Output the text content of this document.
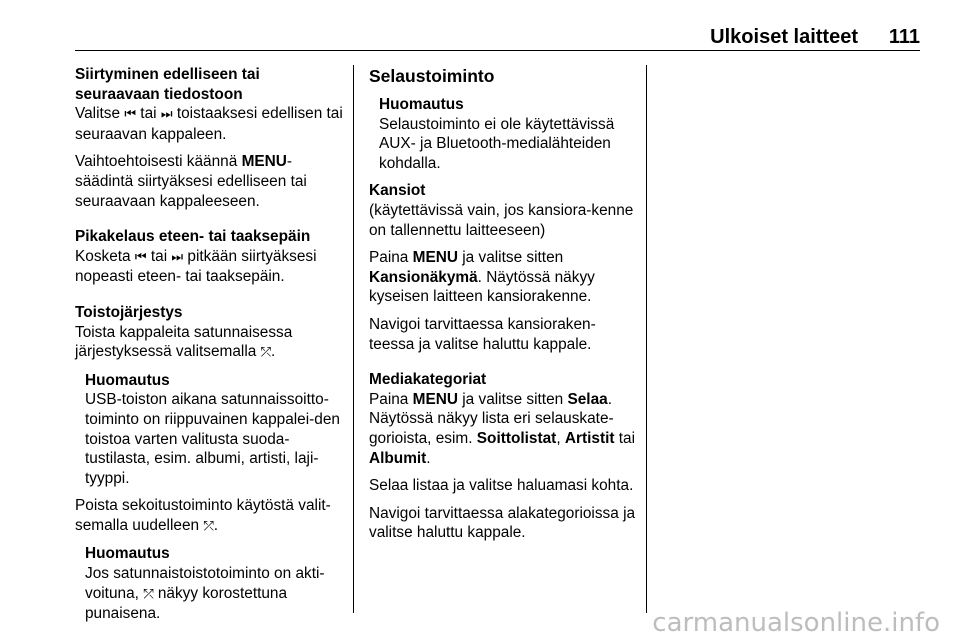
Ulkoiset laitteet 111
Siirtyminen edelliseen tai seuraavaan tiedostoon

Valitse ⏮ tai ⏭ toistaaksesi edellisen tai seuraavan kappaleen.

Vaihtoehtoisesti käännä MENU-säädintä siirtyäksesi edelliseen tai seuraavaan kappaleeseen.

Pikakelaus eteen- tai taaksepäin

Kosketa ⏮ tai ⏭ pitkään siirtyäksesi nopeasti eteen- tai taaksepäin.

Toistojärjestys

Toista kappaleita satunnaisessa järjestyksessä valitsemalla ⤱.

Huomautus
USB-toiston aikana satunnaissoitto-toiminto on riippuvainen kappalei-den toistoa varten valitusta suoda-tustilasta, esim. albumi, artisti, laji-tyyppi.

Poista sekoitustoiminto käytöstä valit-semalla uudelleen ⤱.

Huomautus
Jos satunnaistoistotoiminto on akti-voituna, ⤱ näkyy korostettuna punaisena.
Selaustoiminto
Huomautus
Selaustoiminto ei ole käytettävissä AUX- ja Bluetooth-medialähteiden kohdalla.
Kansiot

(käytettävissä vain, jos kansiora-kenne on tallennettu laitteeseen)

Paina MENU ja valitse sitten Kansionäkymä. Näytössä näkyy kyseisen laitteen kansiorakenne.

Navigoi tarvittaessa kansioraken-teessa ja valitse haluttu kappale.

Mediakategoriat

Paina MENU ja valitse sitten Selaa. Näytössä näkyy lista eri selauskate-gorioista, esim. Soittolistat, Artistit tai Albumit.

Selaa listaa ja valitse haluamasi kohta.

Navigoi tarvittaessa alakategorioissa ja valitse haluttu kappale.

carmanualsonline.info
